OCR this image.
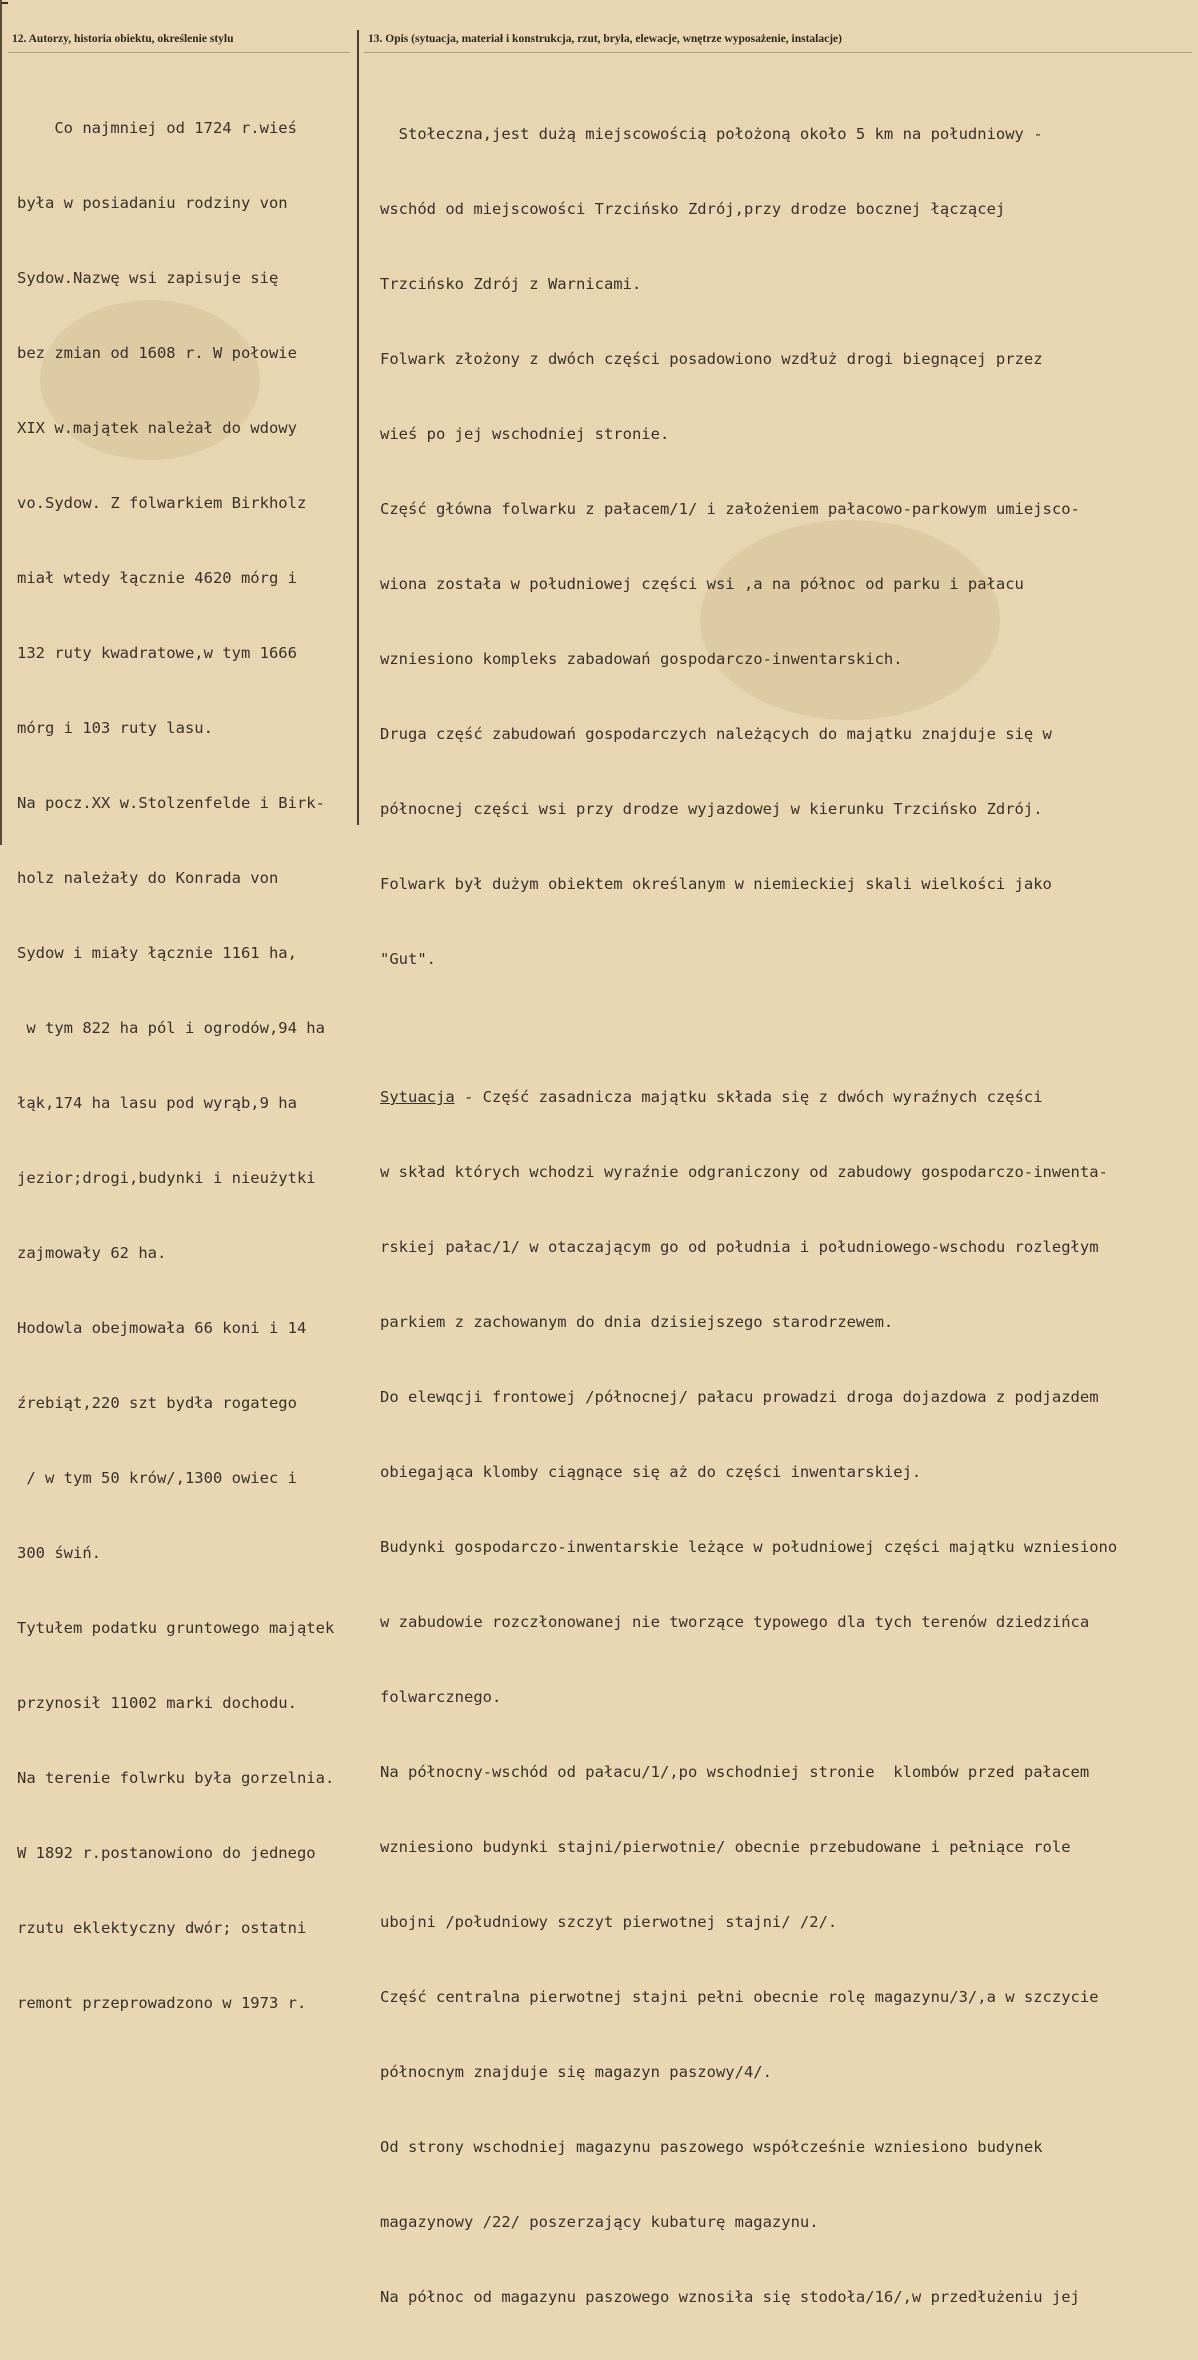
12. Autorzy, historia obiektu, określenie stylu	13. Opis (sytuacja, materiał i konstrukcja, rzut, bryła, elewacje, wnętrze wyposażenie, instalacje)

Co najmniej od 1724 r.wieś

była w posiadaniu rodziny von

Sydow.Nazwę wsi zapisuje się

bez zmian od 1608 r. W połowie

XIX w.majątek należał do wdowy

vo.Sydow. Z folwarkiem Birkholz

miał wtedy łącznie 4620 mórg i

132 ruty kwadratowe,w tym 1666

mórg i 103 ruty lasu.

Na pocz.XX w.Stolzenfelde i Birk-

holz należały do Konrada von

Sydow i miały łącznie 1161 ha,

w tym 822 ha pól i ogrodów,94 ha

łąk,174 ha lasu pod wyrąb,9 ha

jezior;drogi,budynki i nieużytki

zajmowały 62 ha.

Hodowla obejmowała 66 koni i 14

źrebiąt,220 szt bydła rogatego

/ w tym 50 krów/,1300 owiec i

300 świń.

Tytułem podatku gruntowego majątek

przynosił 11002 marki dochodu.

Na terenie folwrku była gorzelnia.

W 1892 r.postanowiono do jednego

rzutu eklektyczny dwór; ostatni

remont przeprowadzono w 1973 r.

Stołeczna,jest dużą miejscowością położoną około 5 km na południowy -

wschód od miejscowości Trzcińsko Zdrój,przy drodze bocznej łączącej

Trzcińsko Zdrój z Warnicami.

Folwark złożony z dwóch części posadowiono wzdłuż drogi biegnącej przez

wieś po jej wschodniej stronie.

Część główna folwarku z pałacem/1/ i założeniem pałacowo-parkowym umiejsco-

wiona została w południowej części wsi ,a na północ od parku i pałacu

wzniesiono kompleks zabadowań gospodarczo-inwentarskich.

Druga część zabudowań gospodarczych należących do majątku znajduje się w

północnej części wsi przy drodze wyjazdowej w kierunku Trzcińsko Zdrój.

Folwark był dużym obiektem określanym w niemieckiej skali wielkości jako

"Gut".

Sytuacja - Część zasadnicza majątku składa się z dwóch wyraźnych części

w skład których wchodzi wyraźnie odgraniczony od zabudowy gospodarczo-inwenta-

rskiej pałac/1/ w otaczającym go od południa i południowego-wschodu rozległym

parkiem z zachowanym do dnia dzisiejszego starodrzewem.

Do elewqcji frontowej /północnej/ pałacu prowadzi droga dojazdowa z podjazdem

obiegająca klomby ciągnące się aż do części inwentarskiej.

Budynki gospodarczo-inwentarskie leżące w południowej części majątku wzniesiono

w zabudowie rozczłonowanej nie tworzące typowego dla tych terenów dziedzińca

folwarcznego.

Na północny-wschód od pałacu/1/,po wschodniej stronie  klombów przed pałacem

wzniesiono budynki stajni/pierwotnie/ obecnie przebudowane i pełniące role

ubojni /południowy szczyt pierwotnej stajni/ /2/.

Część centralna pierwotnej stajni pełni obecnie rolę magazynu/3/,a w szczycie

północnym znajduje się magazyn paszowy/4/.

Od strony wschodniej magazynu paszowego współcześnie wzniesiono budynek

magazynowy /22/ poszerzający kubaturę magazynu.

Na północ od magazynu paszowego wznosiła się stodoła/16/,w przedłużeniu jej
